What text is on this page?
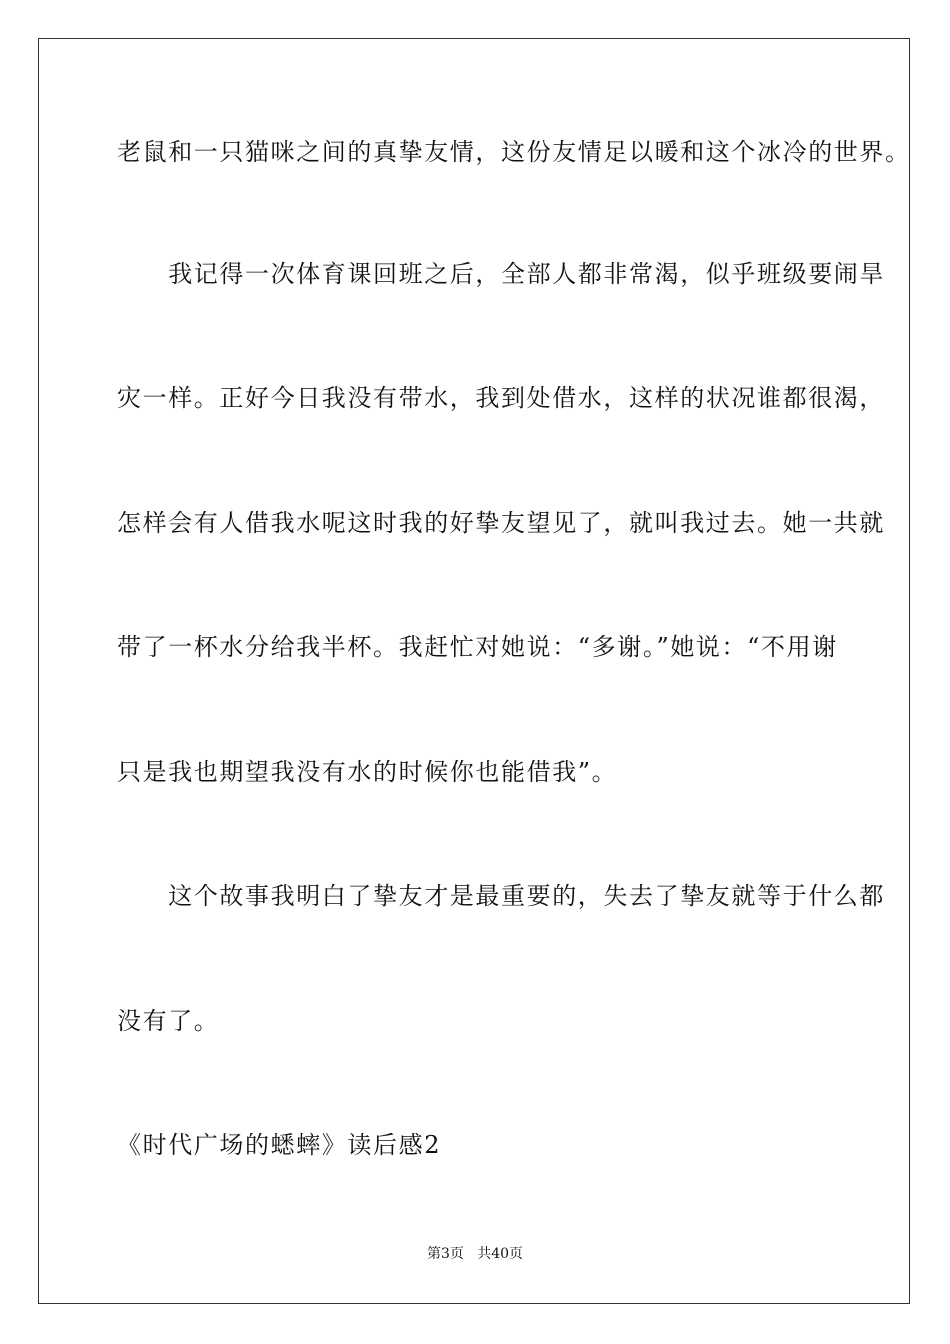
老鼠和一只猫咪之间的真挚友情，这份友情足以暖和这个冰冷的世界。
　　我记得一次体育课回班之后，全部人都非常渴，似乎班级要闹旱
灾一样。正好今日我没有带水，我到处借水，这样的状况谁都很渴，
怎样会有人借我水呢这时我的好挚友望见了，就叫我过去。她一共就
带了一杯水分给我半杯。我赶忙对她说：“多谢。”她说：“不用谢
只是我也期望我没有水的时候你也能借我”。
　　这个故事我明白了挚友才是最重要的，失去了挚友就等于什么都
没有了。
《时代广场的蟋蟀》读后感2
第3页   共40页
